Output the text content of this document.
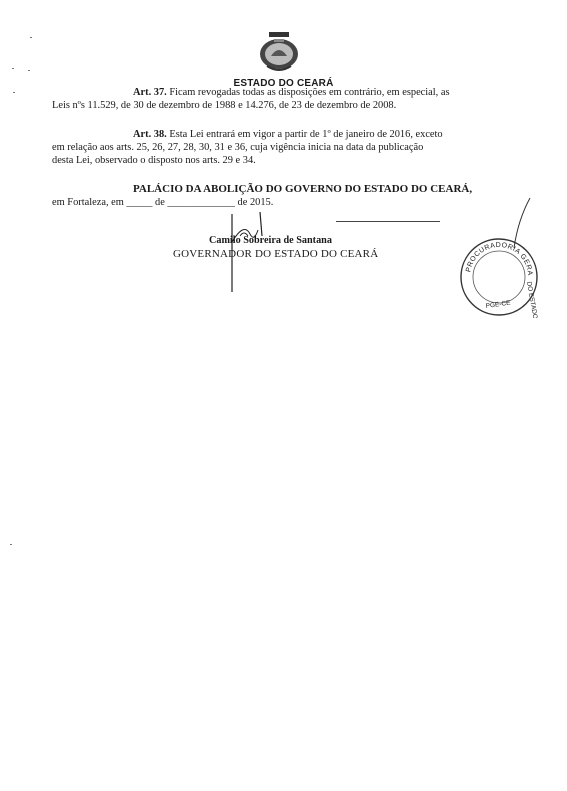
ESTADO DO CEARÁ
Art. 37. Ficam revogadas todas as disposições em contrário, em especial, as
Leis nºs 11.529, de 30 de dezembro de 1988 e 14.276, de 23 de dezembro de 2008.
Art. 38. Esta Lei entrará em vigor a partir de 1º de janeiro de 2016, exceto
em relação aos arts. 25, 26, 27, 28, 30, 31 e 36, cuja vigência inicia na data da publicação
desta Lei, observado o disposto nos arts. 29 e 34.
PALÁCIO DA ABOLIÇÃO DO GOVERNO DO ESTADO DO CEARÁ,
em Fortaleza, em _____ de _____________ de 2015.
Camilo Sobreira de Santana
GOVERNADOR DO ESTADO DO CEARÁ
PROCURADORIA GERA
DO ESTADO
PGE-CE
